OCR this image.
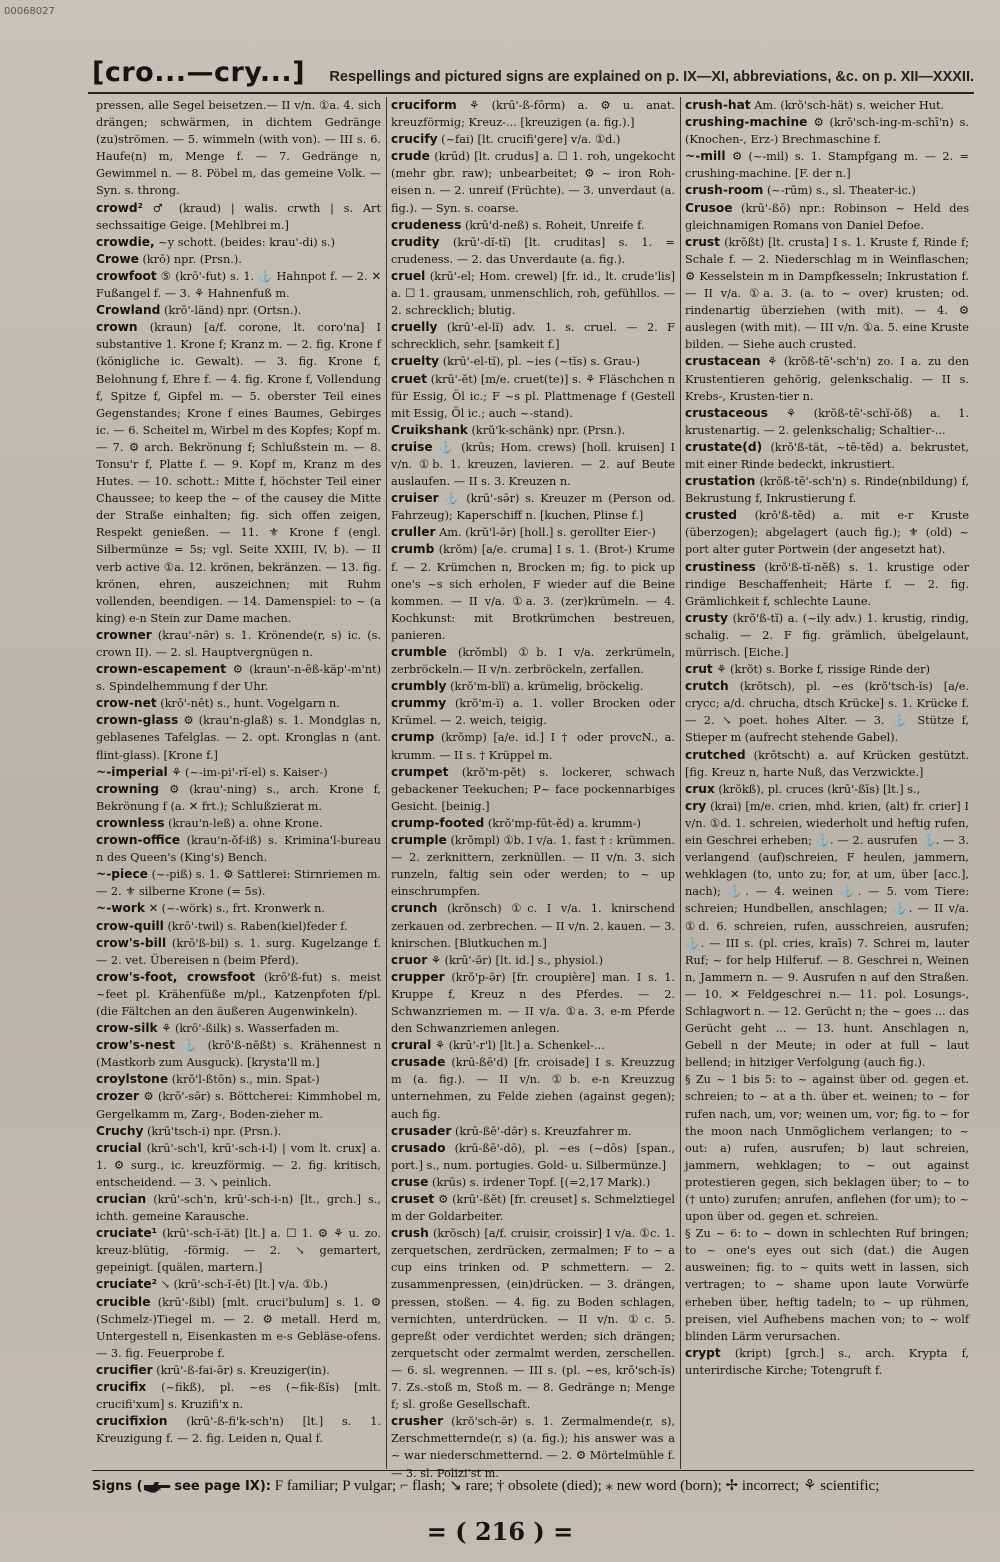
00068027
[cro...—cry...] Respellings and pictured signs are explained on p. IX—XI, abbreviations, &c. on p. XII—XXXII.

pressen, alle Segel beisetzen.— II v/n. ①a. 4. sich drängen; schwärmen, in dichtem Gedränge (zu)strömen. — 5. wimmeln (with von). — III s. 6. Haufe(n) m, Menge f. — 7. Gedränge n, Gewimmel n. — 8. Pöbel m, das gemeine Volk. — Syn. s. throng.

crowd² ♂ (kraud) | walis. crwth | s. Art sechssaitige Geige. [Mehlbrei m.]

crowdie, ~y schott. (beides: krau'-di) s.)

Crowe (krō) npr. (Prsn.).

crowfoot ⑤ (krō'-fut) s. 1. ⚓ Hahnpot f. — 2. ✕ Fußangel f. — 3. ⚘ Hahnenfuß m.

Crowland (krō'-länd) npr. (Ortsn.).

crown (kraun) [a/f. corone, lt. coro'na] I substantive 1. Krone f; Kranz m. — 2. fig. Krone f (königliche ic. Gewalt). — 3. fig. Krone f, Belohnung f, Ehre f. — 4. fig. Krone f, Vollendung f, Spitze f, Gipfel m. — 5. oberster Teil eines Gegenstandes; Krone f eines Baumes, Gebirges ic. — 6. Scheitel m, Wirbel m des Kopfes; Kopf m. — 7. ⚙ arch. Bekrönung f; Schlußstein m. — 8. Tonsu'r f, Platte f. — 9. Kopf m, Kranz m des Hutes. — 10. schott.: Mitte f, höchster Teil einer Chaussee; to keep the ~ of the causey die Mitte der Straße einhalten; fig. sich offen zeigen, Respekt genießen. — 11. ⚜ Krone f (engl. Silbermünze = 5s; vgl. Seite XXIII, IV, b). — II verb active ①a. 12. krönen, bekränzen. — 13. fig. krönen, ehren, auszeichnen; mit Ruhm vollenden, beendigen. — 14. Damenspiel: to ~ (a king) e-n Stein zur Dame machen.

crowner (krau'-nə̄r) s. 1. Krönende(r, s) ic. (s. crown II). — 2. sl. Hauptvergnügen n.

crown-escapement ⚙ (kraun'-n-ēß-käp'-m'nt) s. Spindelhemmung f der Uhr.

crow-net (krō'-nēt) s., hunt. Vogelgarn n.

crown-glass ⚙ (krau'n-glaß) s. 1. Mondglas n, geblasenes Tafelglas. — 2. opt. Kronglas n (ant. flint-glass). [Krone f.]

~-imperial ⚘ (~-im-pi'-rĭ-el) s. Kaiser-)

crowning ⚙ (krau'-ning) s., arch. Krone f, Bekrönung f (a. ✕ frt.); Schlußzierat m.

crownless (krau'n-leß) a. ohne Krone.

crown-office (krau'n-ŏf-iß) s. Krimina'l-bureau n des Queen's (King's) Bench.

~-piece (~-piß) s. 1. ⚙ Sattlerei: Stirnriemen m. — 2. ⚜ silberne Krone (= 5s).

~-work ✕ (~-wörk) s., frt. Kronwerk n.

crow-quill (krō'-twil) s. Raben(kiel)feder f.

crow's-bill (krō'ß-bil) s. 1. surg. Kugelzange f. — 2. vet. Übereisen n (beim Pferd).

crow's-foot, crowsfoot (krō'ß-fut) s. meist ~feet pl. Krähenfüße m/pl., Katzenpfoten f/pl. (die Fältchen an den äußeren Augenwinkeln).

crow-silk ⚘ (krō'-ßilk) s. Wasserfaden m.

crow's-nest ⚓ (krō'ß-nĕßt) s. Krähennest n (Mastkorb zum Ausguck). [krysta'll m.]

croylstone (krŏ'l-ßtōn) s., min. Spat-)

crozer ⚙ (krō'-sə̄r) s. Böttcherei: Kimmhobel m, Gergelkamm m, Zarg-, Boden-zieher m.

Cruchy (krū'tsch-i) npr. (Prsn.).

crucial (krū'-sch'l, krū'-sch-i-l) | vom lt. crux] a. 1. ⚙ surg., ic. kreuzförmig. — 2. fig. kritisch, entscheidend. — 3. ↘ peinlich.

crucian (krū'-sch'n, krū'-sch-i-n) [lt., grch.] s., ichth. gemeine Karausche.

cruciate¹ (krū'-sch-ĭ-ät) [lt.] a. ☐ 1. ⚙ ⚘ u. zo. kreuz-blütig, -förmig. — 2. ↘ gemartert, gepeinigt. [quälen, martern.]

cruciate² ↘ (krū'-sch-ĭ-ēt) [lt.] v/a. ①b.)

crucible (krū'-ßibl) [mlt. cruci'bulum] s. 1. ⚙ (Schmelz-)Tiegel m. — 2. ⚙ metall. Herd m, Untergestell n, Eisenkasten m e-s Gebläse-ofens. — 3. fig. Feuerprobe f.

crucifier (krū'-ß-fai-ə̄r) s. Kreuziger(in).

crucifix (~fikß), pl. ~es (~fik-ßĭs) [mlt. crucifi'xum] s. Kruzifi'x n.

crucifixion (krū'-ß-fi'k-sch'n) [lt.] s. 1. Kreuzigung f. — 2. fig. Leiden n, Qual f.

cruciform ⚘ (krū'-ß-fōrm) a. ⚙ u. anat. kreuzförmig; Kreuz-... [kreuzigen (a. fig.).]

crucify (~fai) [lt. crucifi'gere] v/a. ①d.)

crude (krūd) [lt. crudus] a. ☐ 1. roh, ungekocht (mehr gbr. raw); unbearbeitet; ⚙ ~ iron Roh-eisen n. — 2. unreif (Früchte). — 3. unverdaut (a. fig.). — Syn. s. coarse.

crudeness (krū'd-neß) s. Roheit, Unreife f.

crudity (krū'-dĭ-tĭ) [lt. cruditas] s. 1. = crudeness. — 2. das Unverdaute (a. fig.).

cruel (krū'-el; Hom. crewel) [fr. id., lt. crude'lis] a. ☐ 1. grausam, unmenschlich, roh, gefühllos. — 2. schrecklich; blutig.

cruelly (krū'-el-lĭ) adv. 1. s. cruel. — 2. F schrecklich, sehr. [samkeit f.]

cruelty (krū'-el-tĭ), pl. ~ies (~tĭs) s. Grau-)

cruet (krū'-ĕt) [m/e. cruet(te)] s. ⚘ Fläschchen n für Essig, Öl ic.; F ~s pl. Plattmenage f (Gestell mit Essig, Öl ic.; auch ~-stand).

Cruikshank (krŭ'k-schänk) npr. (Prsn.).

cruise ⚓ (krūs; Hom. crews) [holl. kruisen] I v/n. ①b. 1. kreuzen, lavieren. — 2. auf Beute auslaufen. — II s. 3. Kreuzen n.

cruiser ⚓ (krū'-sə̄r) s. Kreuzer m (Person od. Fahrzeug); Kaperschiff n. [kuchen, Plinse f.]

cruller Am. (krŭ'l-ə̄r) [holl.] s. gerollter Eier-)

crumb (krŏm) [a/e. cruma] I s. 1. (Brot-) Krume f. — 2. Krümchen n, Brocken m; fig. to pick up one's ~s sich erholen, F wieder auf die Beine kommen. — II v/a. ①a. 3. (zer)krümeln. — 4. Kochkunst: mit Brotkrümchen bestreuen, panieren.

crumble (krŏmbl) ①b. I v/a. zerkrümeln, zerbröckeln.— II v/n. zerbröckeln, zerfallen.

crumbly (krŏ'm-blĭ) a. krümelig, bröckelig.

crummy (krŏ'm-ĭ) a. 1. voller Brocken oder Krümel. — 2. weich, teigig.

crump (krŏmp) [a/e. id.] I † oder provcN., a. krumm. — II s. † Krüppel m.

crumpet (krŏ'm-pĕt) s. lockerer, schwach gebackener Teekuchen; P~ face pockennarbiges Gesicht. [beinig.]

crump-footed (krŏ'mp-fūt-ĕd) a. krumm-)

crumple (krŏmpl) ①b. I v/a. 1. fast † : krümmen. — 2. zerknittern, zerknüllen. — II v/n. 3. sich runzeln, faltig sein oder werden; to ~ up einschrumpfen.

crunch (krŏnsch) ①c. I v/a. 1. knirschend zerkauen od. zerbrechen. — II v/n. 2. kauen. — 3. knirschen. [Blutkuchen m.]

cruor ⚘ (krū'-ə̄r) [lt. id.] s., physiol.)

crupper (krŏ'p-ə̄r) [fr. croupière] man. I s. 1. Kruppe f, Kreuz n des Pferdes. — 2. Schwanzriemen m. — II v/a. ①a. 3. e-m Pferde den Schwanzriemen anlegen.

crural ⚘ (krū'-r'l) [lt.] a. Schenkel-...

crusade (krū-ßē'd) [fr. croisade] I s. Kreuzzug m (a. fig.). — II v/n. ①b. e-n Kreuzzug unternehmen, zu Felde ziehen (against gegen); auch fig.

crusader (krū-ßē'-də̄r) s. Kreuzfahrer m.

crusado (krū-ßē'-dō), pl. ~es (~dōs) [span., port.] s., num. portugies. Gold- u. Silbermünze.]

cruse (krūs) s. irdener Topf. [(=2,17 Mark).)

cruset ⚙ (krū'-ßĕt) [fr. creuset] s. Schmelztiegel m der Goldarbeiter.

crush (krŏsch) [a/f. cruisir, croissir] I v/a. ①c. 1. zerquetschen, zerdrücken, zermalmen; F to ~ a cup eins trinken od. P schmettern. — 2. zusammenpressen, (ein)drücken. — 3. drängen, pressen, stoßen. — 4. fig. zu Boden schlagen, vernichten, unterdrücken. — II v/n. ①c. 5. gepreßt oder verdichtet werden; sich drängen; zerquetscht oder zermalmt werden, zerschellen. — 6. sl. wegrennen. — III s. (pl. ~es, krŏ'sch-ĭs) 7. Zs.-stoß m, Stoß m. — 8. Gedränge n; Menge f; sl. große Gesellschaft.

crusher (krŏ'sch-ə̄r) s. 1. Zermalmende(r, s), Zerschmetternde(r, s) (a. fig.); his answer was a ~ war niederschmetternd. — 2. ⚙ Mörtelmühle f. — 3. sl. Polizi'st m.

crush-hat Am. (krŏ'sch-hät) s. weicher Hut.

crushing-machine ⚙ (krŏ'sch-ing-m-schī'n) s. (Knochen-, Erz-) Brechmaschine f.

~-mill ⚙ (~-mil) s. 1. Stampfgang m. — 2. = crushing-machine. [F. der n.]

crush-room (~-rūm) s., sl. Theater-ic.)

Crusoe (krū'-ßō) npr.: Robinson ~ Held des gleichnamigen Romans von Daniel Defoe.

crust (krŏßt) [lt. crusta] I s. 1. Kruste f, Rinde f; Schale f. — 2. Niederschlag m in Weinflaschen; ⚙ Kesselstein m in Dampfkesseln; Inkrustation f. — II v/a. ①a. 3. (a. to ~ over) krusten; od. rindenartig überziehen (with mit). — 4. ⚙ auslegen (with mit). — III v/n. ①a. 5. eine Kruste bilden. — Siehe auch crusted.

crustacean ⚘ (krŏß-tē'-sch'n) zo. I a. zu den Krustentieren gehörig, gelenkschalig. — II s. Krebs-, Krusten-tier n.

crustaceous ⚘ (krŏß-tē'-schĭ-ŏß) a. 1. krustenartig. — 2. gelenkschalig; Schaltier-...

crustate(d) (krŏ'ß-tät, ~tē-tĕd) a. bekrustet, mit einer Rinde bedeckt, inkrustiert.

crustation (krŏß-tē'-sch'n) s. Rinde(nbildung) f, Bekrustung f, Inkrustierung f.

crusted (krŏ'ß-tĕd) a. mit e-r Kruste (überzogen); abgelagert (auch fig.); ⚜ (old) ~ port alter guter Portwein (der angesetzt hat).

crustiness (krŏ'ß-tĭ-nĕß) s. 1. krustige oder rindige Beschaffenheit; Härte f. — 2. fig. Grämlichkeit f, schlechte Laune.

crusty (krŏ'ß-tĭ) a. (~ily adv.) 1. krustig, rindig, schalig. — 2. F fig. grämlich, übelgelaunt, mürrisch. [Eiche.]

crut ⚘ (krŏt) s. Borke f, rissige Rinde der)

crutch (krŏtsch), pl. ~es (krŏ'tsch-ĭs) [a/e. crycc; a/d. chrucha, dtsch Krücke] s. 1. Krücke f. — 2. ↘ poet. hohes Alter. — 3. ⚓ Stütze f, Stieper m (aufrecht stehende Gabel).

crutched (krŏtscht) a. auf Krücken gestützt. [fig. Kreuz n, harte Nuß, das Verzwickte.]

crux (krŏkß), pl. cruces (krū'-ßīs) [lt.] s.,

cry (krai) [m/e. crien, mhd. krien, (alt) fr. crier] I v/n. ①d. 1. schreien, wiederholt und heftig rufen, ein Geschrei erheben; ⚓. — 2. ausrufen ⚓. — 3. verlangend (auf)schreien, F heulen, jammern, wehklagen (to, unto zu; for, at um, über [acc.], nach); ⚓. — 4. weinen ⚓. — 5. vom Tiere: schreien; Hundbellen, anschlagen; ⚓. — II v/a. ①d. 6. schreien, rufen, ausschreien, ausrufen; ⚓. — III s. (pl. cries, kraīs) 7. Schrei m, lauter Ruf; ~ for help Hilferuf. — 8. Geschrei n, Weinen n, Jammern n. — 9. Ausrufen n auf den Straßen. — 10. ✕ Feldgeschrei n.— 11. pol. Losungs-, Schlagwort n. — 12. Gerücht n; the ~ goes ... das Gerücht geht ... — 13. hunt. Anschlagen n, Gebell n der Meute; in oder at full ~ laut bellend; in hitziger Verfolgung (auch fig.).

§ Zu ~ 1 bis 5: to ~ against über od. gegen et. schreien; to ~ at a th. über et. weinen; to ~ for rufen nach, um, vor; weinen um, vor; fig. to ~ for the moon nach Unmöglichem verlangen; to ~ out: a) rufen, ausrufen; b) laut schreien, jammern, wehklagen; to ~ out against protestieren gegen, sich beklagen über; to ~ to († unto) zurufen; anrufen, anflehen (for um); to ~ upon über od. gegen et. schreien.

§ Zu ~ 6: to ~ down in schlechten Ruf bringen; to ~ one's eyes out sich (dat.) die Augen ausweinen; fig. to ~ quits wett in lassen, sich vertragen; to ~ shame upon laute Vorwürfe erheben über, heftig tadeln; to ~ up rühmen, preisen, viel Aufhebens machen von; to ~ wolf blinden Lärm verursachen.

crypt (kript) [grch.] s., arch. Krypta f, unterirdische Kirche; Totengruft f.

Signs ( see page IX): F familiar; P vulgar; ⌐ flash; ↘ rare; † obsolete (died); ⁎ new word (born); ✢ incorrect; ⚘ scientific;
= ( 216 ) =
